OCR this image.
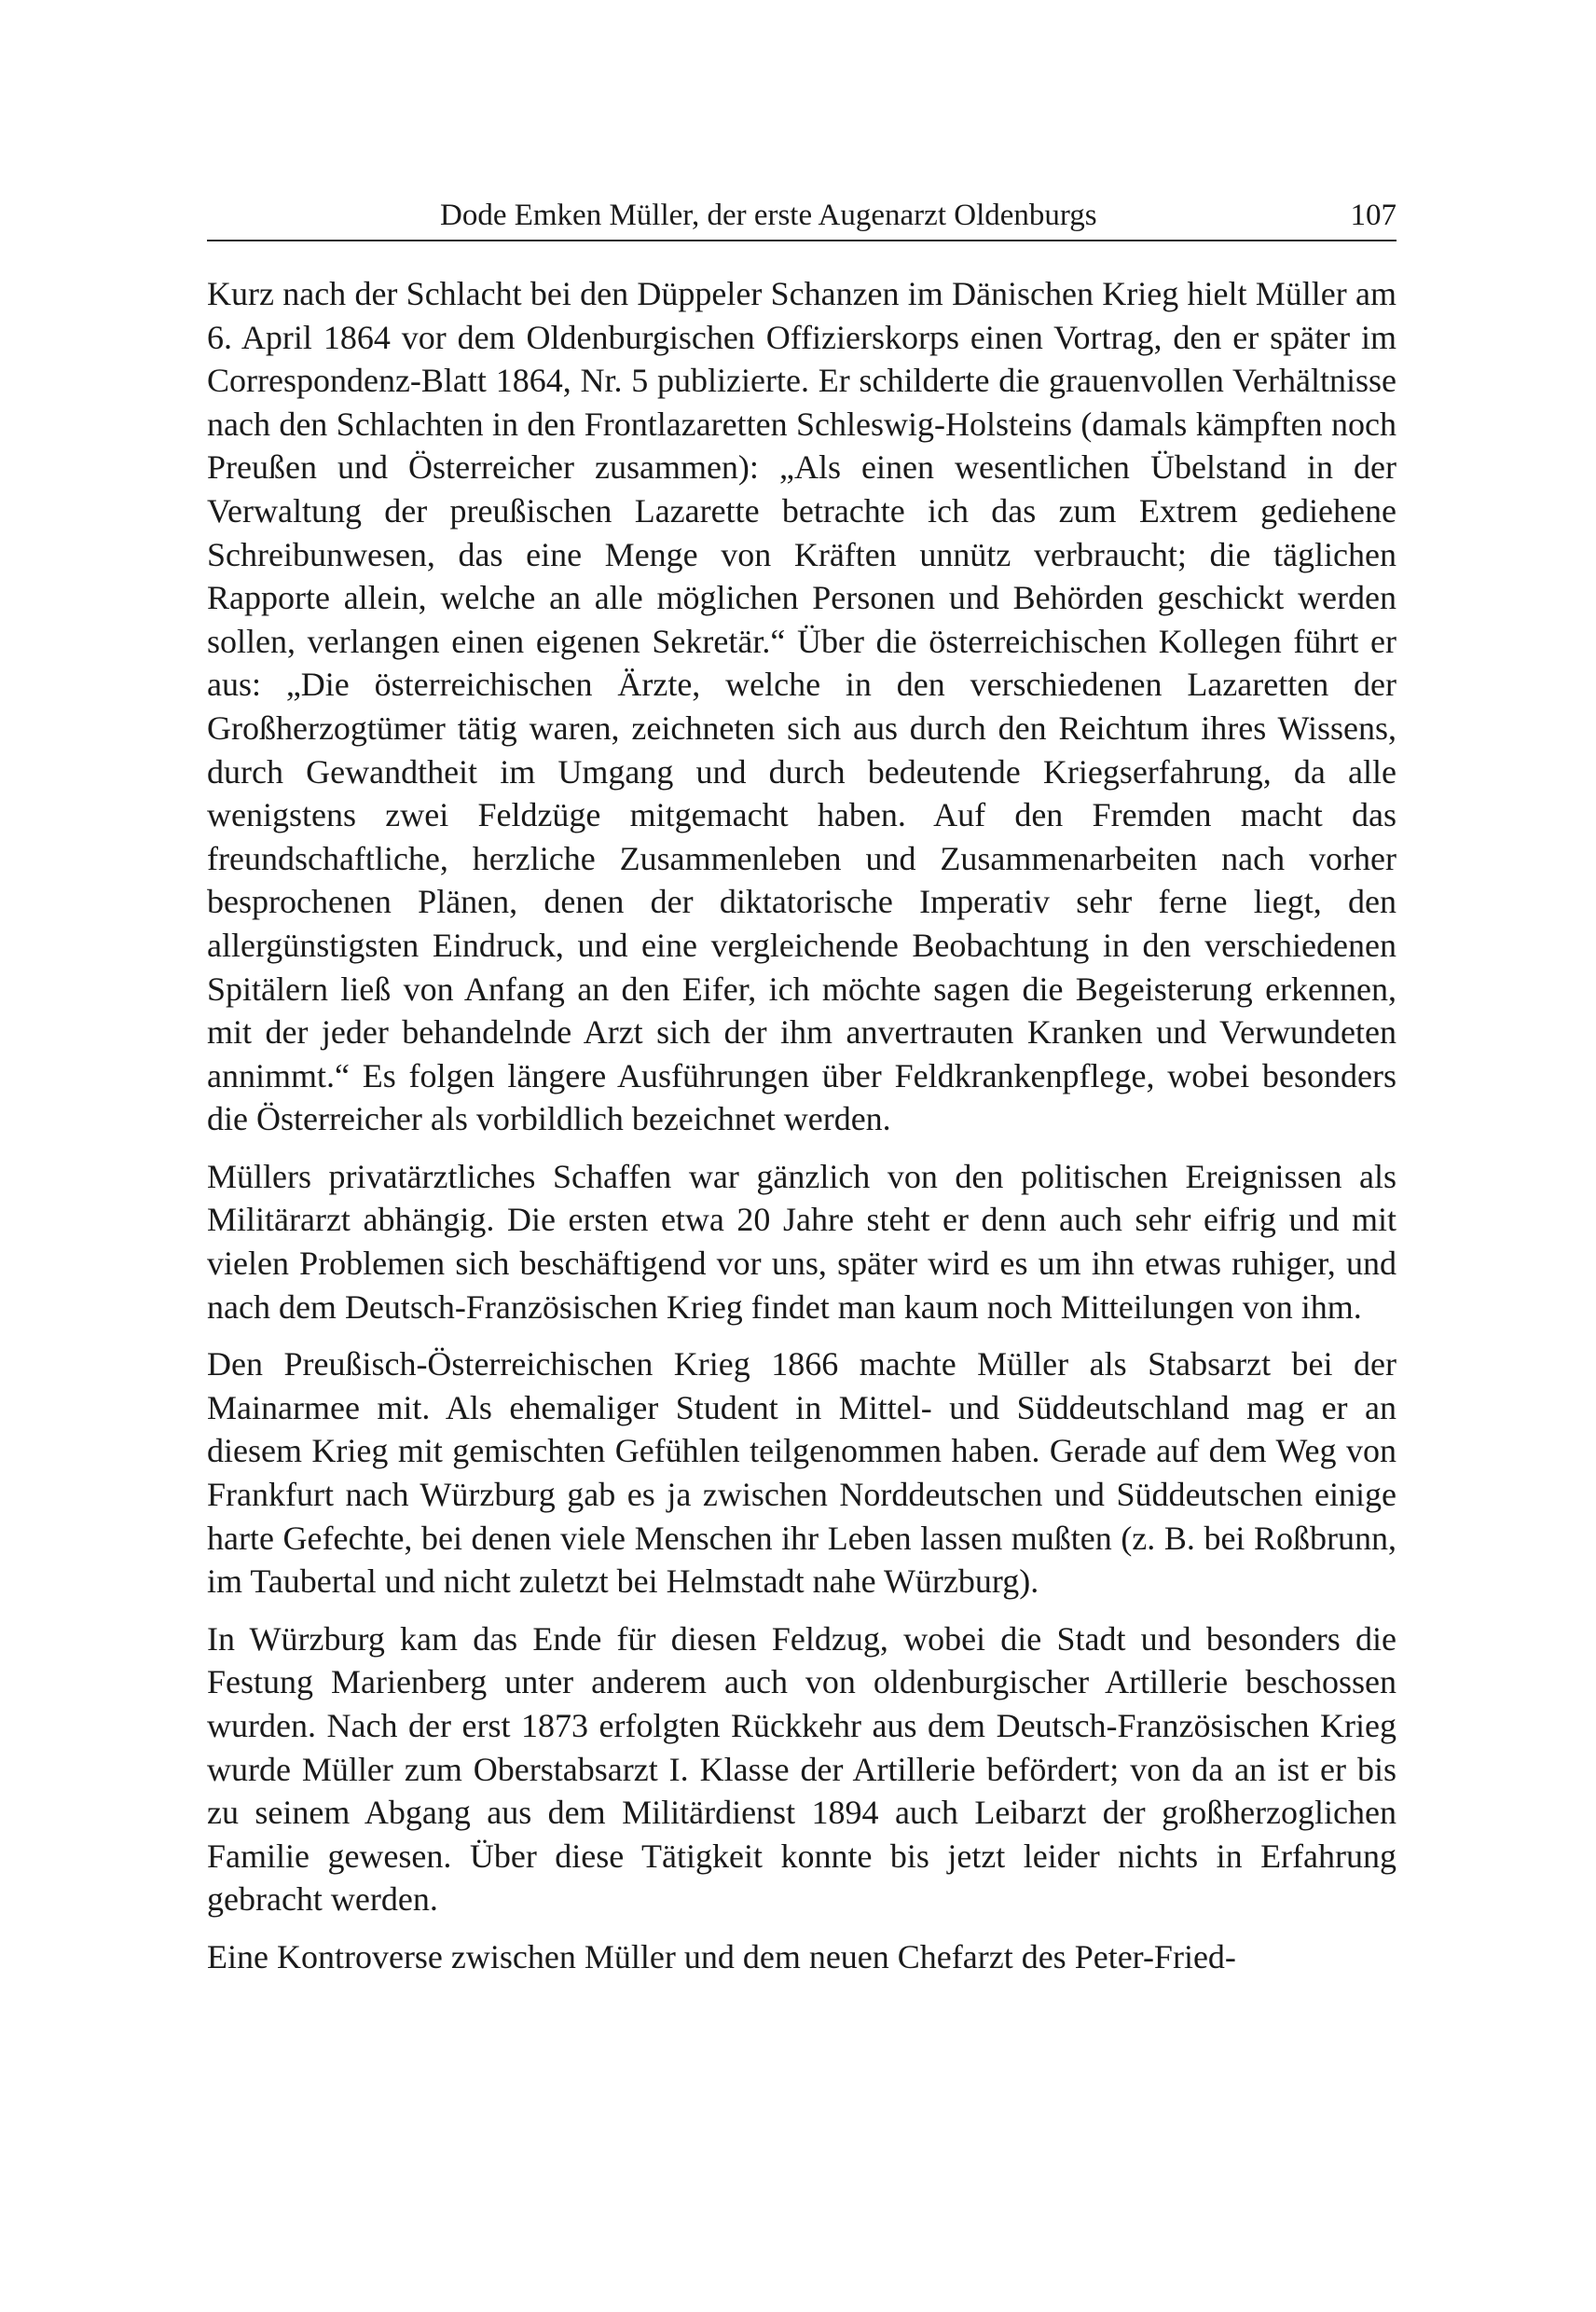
Dode Emken Müller, der erste Augenarzt Oldenburgs	107

Kurz nach der Schlacht bei den Düppeler Schanzen im Dänischen Krieg hielt Müller am 6. April 1864 vor dem Oldenburgischen Offizierskorps einen Vortrag, den er später im Correspondenz-Blatt 1864, Nr. 5 publizierte. Er schilderte die grauenvollen Verhältnisse nach den Schlachten in den Frontlazaretten Schleswig-Holsteins (damals kämpften noch Preußen und Österreicher zusammen): „Als einen wesentlichen Übelstand in der Verwaltung der preußischen Lazarette betrachte ich das zum Extrem gediehene Schreibunwesen, das eine Menge von Kräften unnütz verbraucht; die täglichen Rapporte allein, welche an alle möglichen Personen und Behörden geschickt werden sollen, verlangen einen eigenen Sekretär.“ Über die österreichischen Kollegen führt er aus: „Die österreichischen Ärzte, welche in den verschiedenen Lazaretten der Großherzogtümer tätig waren, zeichneten sich aus durch den Reichtum ihres Wissens, durch Gewandtheit im Umgang und durch bedeutende Kriegserfahrung, da alle wenigstens zwei Feldzüge mitgemacht haben. Auf den Fremden macht das freundschaftliche, herzliche Zusammenleben und Zusammenarbeiten nach vorher besprochenen Plänen, denen der diktatorische Imperativ sehr ferne liegt, den allergünstigsten Eindruck, und eine vergleichende Beobachtung in den verschiedenen Spitälern ließ von Anfang an den Eifer, ich möchte sagen die Begeisterung erkennen, mit der jeder behandelnde Arzt sich der ihm anvertrauten Kranken und Verwundeten annimmt.“ Es folgen längere Ausführungen über Feldkrankenpflege, wobei besonders die Österreicher als vorbildlich bezeichnet werden.

Müllers privatärztliches Schaffen war gänzlich von den politischen Ereignissen als Militärarzt abhängig. Die ersten etwa 20 Jahre steht er denn auch sehr eifrig und mit vielen Problemen sich beschäftigend vor uns, später wird es um ihn etwas ruhiger, und nach dem Deutsch-Französischen Krieg findet man kaum noch Mitteilungen von ihm.

Den Preußisch-Österreichischen Krieg 1866 machte Müller als Stabsarzt bei der Mainarmee mit. Als ehemaliger Student in Mittel- und Süddeutschland mag er an diesem Krieg mit gemischten Gefühlen teilgenommen haben. Gerade auf dem Weg von Frankfurt nach Würzburg gab es ja zwischen Norddeutschen und Süddeutschen einige harte Gefechte, bei denen viele Menschen ihr Leben lassen mußten (z. B. bei Roßbrunn, im Taubertal und nicht zuletzt bei Helmstadt nahe Würzburg).

In Würzburg kam das Ende für diesen Feldzug, wobei die Stadt und besonders die Festung Marienberg unter anderem auch von oldenburgischer Artillerie beschossen wurden. Nach der erst 1873 erfolgten Rückkehr aus dem Deutsch-Französischen Krieg wurde Müller zum Oberstabsarzt I. Klasse der Artillerie befördert; von da an ist er bis zu seinem Abgang aus dem Militärdienst 1894 auch Leibarzt der großherzoglichen Familie gewesen. Über diese Tätigkeit konnte bis jetzt leider nichts in Erfahrung gebracht werden.

Eine Kontroverse zwischen Müller und dem neuen Chefarzt des Peter-Fried-
